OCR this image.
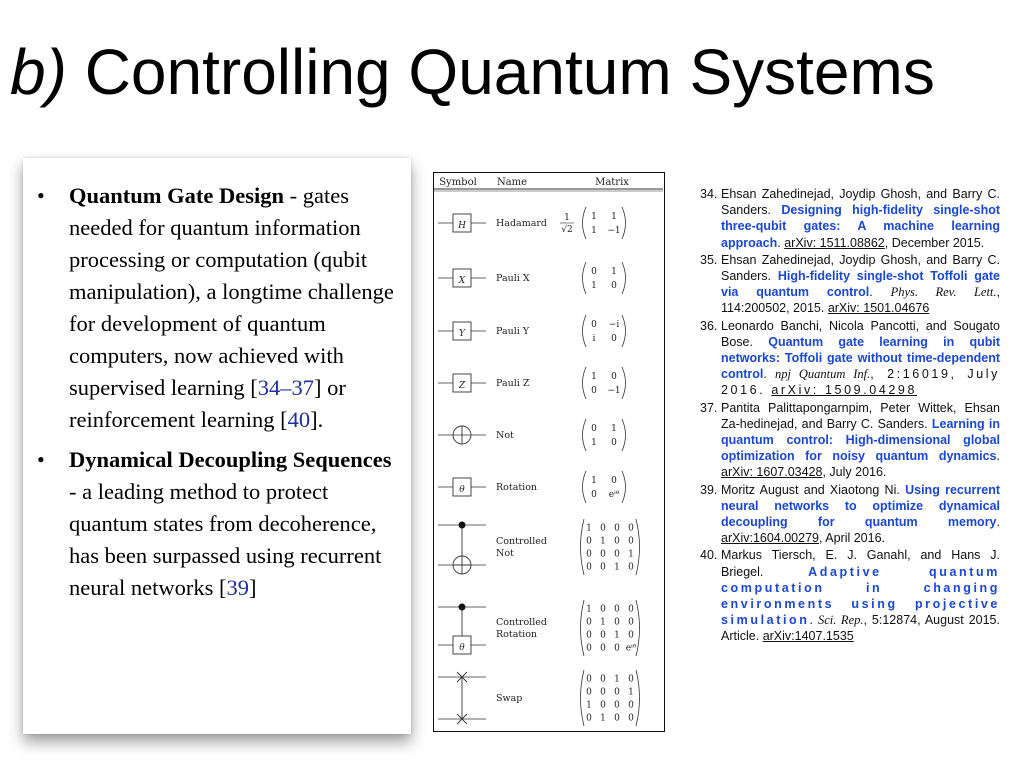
b) Controlling Quantum Systems
• Quantum Gate Design - gates needed for quantum information processing or computation (qubit manipulation), a longtime challenge for development of quantum computers, now achieved with supervised learning [34–37] or reinforcement learning [40].
• Dynamical Decoupling Sequences - a leading method to protect quantum states from decoherence, has been surpassed using recurrent neural networks [39]
Symbol Name	Matrix
Hadamard
1 1
1 −1
1
√2
H
Pauli X
0 1
1 0
X
Pauli Y
0 −i
i 0
Y
Pauli Z
1 0
0 −1
Z
Not
0 1
1 0
Rotation
1 0
0 eⁱᶿ
θ
Controlled
Not
1 0 0 0
0 1 0 0
0 0 0 1
0 0 1 0
Controlled
Rotation
1 0 0 0
0 1 0 0
0 0 1 0
0 0 0 eⁱᶿ
θ
Swap
0 0 1 0
0 0 0 1
1 0 0 0
0 1 0 0
34. Ehsan Zahedinejad, Joydip Ghosh, and Barry C. Sanders. Designing high-fidelity single-shot three-qubit gates: A machine learning approach. arXiv: 1511.08862, December 2015.
35. Ehsan Zahedinejad, Joydip Ghosh, and Barry C. Sanders. High-fidelity single-shot Toffoli gate via quantum control. Phys. Rev. Lett., 114:200502, 2015. arXiv: 1501.04676
36. Leonardo Banchi, Nicola Pancotti, and Sougato Bose. Quantum gate learning in qubit networks: Toffoli gate without time-dependent control. npj Quantum Inf., 2:16019, July 2016. arXiv: 1509.04298
37. Pantita Palittapongarnpim, Peter Wittek, Ehsan Za-hedinejad, and Barry C. Sanders. Learning in quantum control: High-dimensional global optimization for noisy quantum dynamics. arXiv: 1607.03428, July 2016.
39. Moritz August and Xiaotong Ni. Using recurrent neural networks to optimize dynamical decoupling for quantum memory. arXiv:1604.00279, April 2016.
40. Markus Tiersch, E. J. Ganahl, and Hans J. Briegel.	Adaptive quantum computation in changing environments using projective simulation. Sci. Rep., 5:12874, August 2015. Article. arXiv:1407.1535
